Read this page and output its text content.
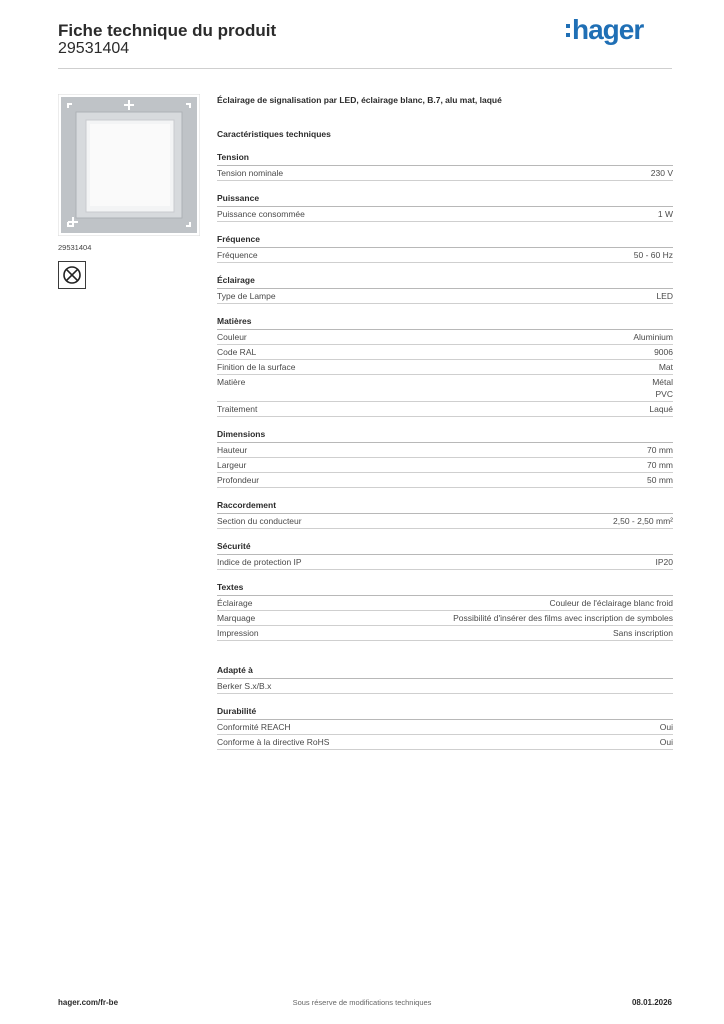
Fiche technique du produit
29531404
hager
29531404
Éclairage de signalisation par LED, éclairage blanc, B.7, alu mat, laqué
Caractéristiques techniques
Tension
Tension nominale	230 V
Puissance
Puissance consommée	1 W
Fréquence
Fréquence	50 - 60 Hz
Éclairage
Type de Lampe	LED
Matières
Couleur	Aluminium
Code RAL	9006
Finition de la surface	Mat
Matière	Métal
PVC
Traitement	Laqué
Dimensions
Hauteur	70 mm
Largeur	70 mm
Profondeur	50 mm
Raccordement
Section du conducteur	2,50 - 2,50 mm²
Sécurité
Indice de protection IP	IP20
Textes
Éclairage	Couleur de l'éclairage blanc froid
Marquage	Possibilité d'insérer des films avec inscription de symboles
Impression	Sans inscription
Adapté à
Berker S.x/B.x
Durabilité
Conformité REACH	Oui
Conforme à la directive RoHS	Oui
hager.com/fr-be	Sous réserve de modifications techniques	08.01.2026
